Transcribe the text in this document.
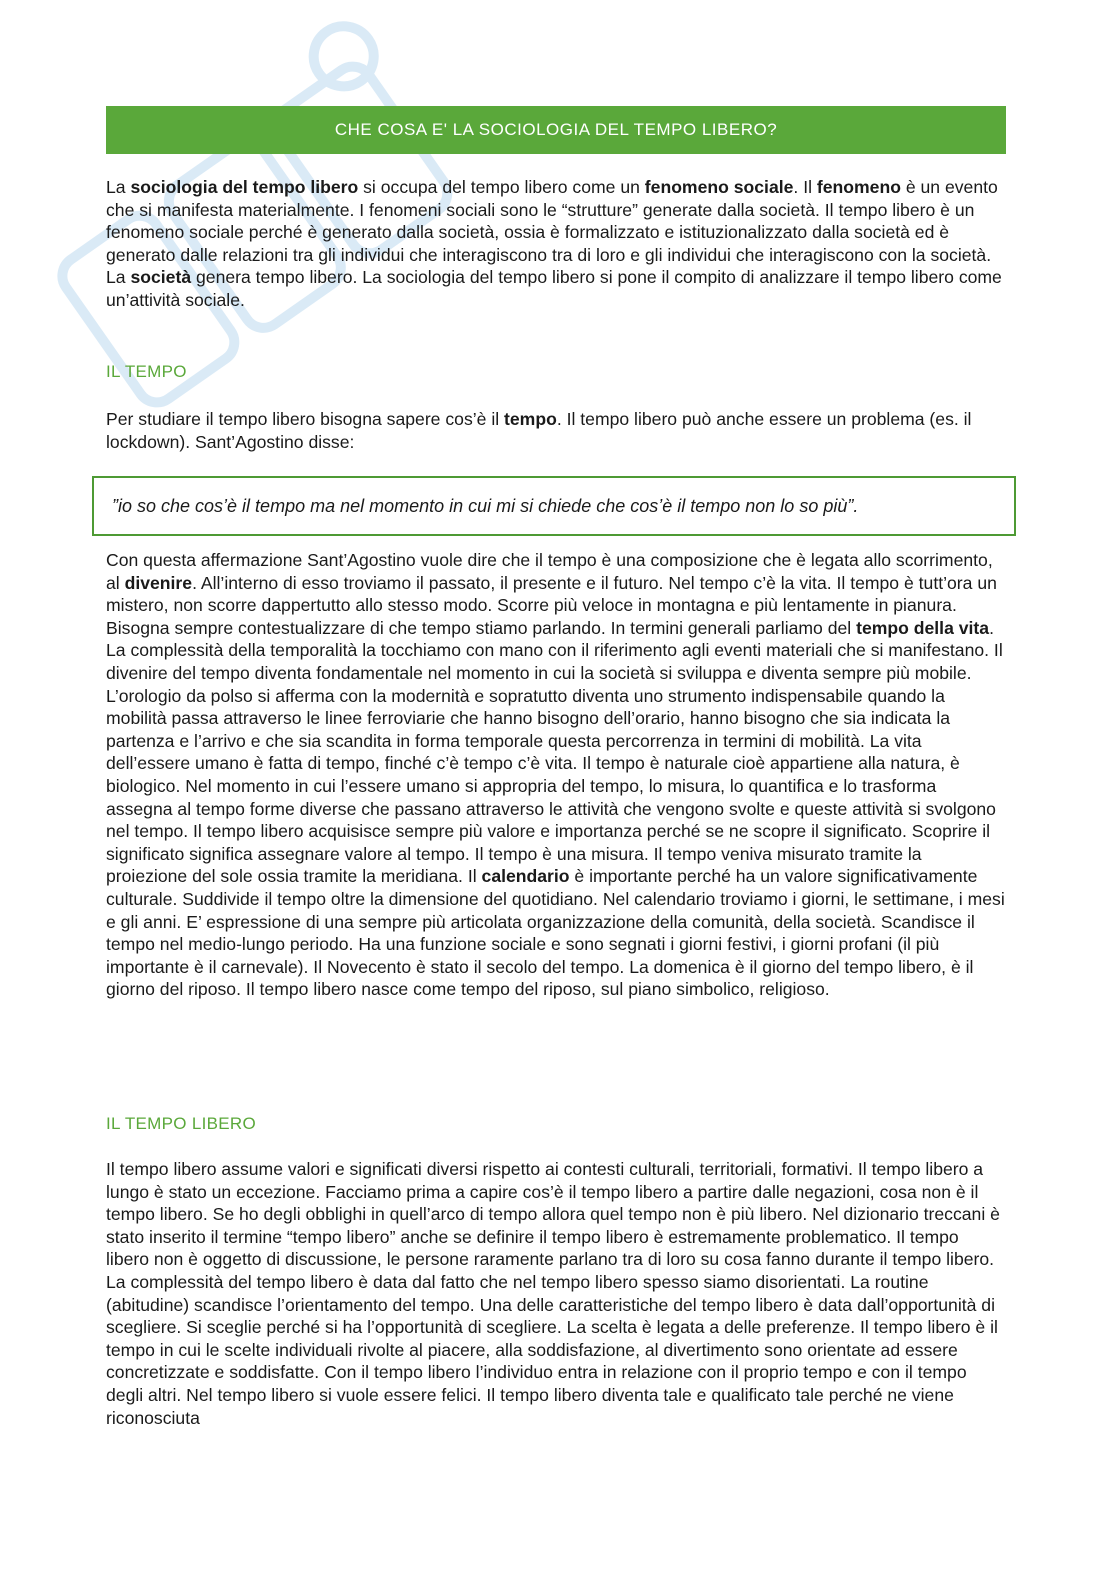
CHE COSA E' LA SOCIOLOGIA DEL TEMPO LIBERO?
La sociologia del tempo libero si occupa del tempo libero come un fenomeno sociale. Il fenomeno è un evento che si manifesta materialmente. I fenomeni sociali sono le “strutture” generate dalla società. Il tempo libero è un fenomeno sociale perché è generato dalla società, ossia è formalizzato e istituzionalizzato dalla società ed è generato dalle relazioni tra gli individui che interagiscono tra di loro e gli individui che interagiscono con la società. La società genera tempo libero. La sociologia del tempo libero si pone il compito di analizzare il tempo libero come un’attività sociale.
IL TEMPO
Per studiare il tempo libero bisogna sapere cos’è il tempo. Il tempo libero può anche essere un problema (es. il lockdown). Sant’Agostino disse:
”io so che cos’è il tempo ma nel momento in cui mi si chiede che cos’è il tempo non lo so più”.
Con questa affermazione Sant’Agostino vuole dire che il tempo è una composizione che è legata allo scorrimento, al divenire. All’interno di esso troviamo il passato, il presente e il futuro. Nel tempo c’è la vita. Il tempo è tutt’ora un mistero, non scorre dappertutto allo stesso modo. Scorre più veloce in montagna e più lentamente in pianura. Bisogna sempre contestualizzare di che tempo stiamo parlando. In termini generali parliamo del tempo della vita. La complessità della temporalità la tocchiamo con mano con il riferimento agli eventi materiali che si manifestano. Il divenire del tempo diventa fondamentale nel momento in cui la società si sviluppa e diventa sempre più mobile. L’orologio da polso si afferma con la modernità e sopratutto diventa uno strumento indispensabile quando la mobilità passa attraverso le linee ferroviarie che hanno bisogno dell’orario, hanno bisogno che sia indicata la partenza e l’arrivo e che sia scandita in forma temporale questa percorrenza in termini di mobilità. La vita dell’essere umano è fatta di tempo, finché c’è tempo c’è vita. Il tempo è naturale cioè appartiene alla natura, è biologico. Nel momento in cui l’essere umano si appropria del tempo, lo misura, lo quantifica e lo trasforma assegna al tempo forme diverse che passano attraverso le attività che vengono svolte e queste attività si svolgono nel tempo. Il tempo libero acquisisce sempre più valore e importanza perché se ne scopre il significato. Scoprire il significato significa assegnare valore al tempo. Il tempo è una misura. Il tempo veniva misurato tramite la proiezione del sole ossia tramite la meridiana. Il calendario è importante perché ha un valore significativamente culturale. Suddivide il tempo oltre la dimensione del quotidiano. Nel calendario troviamo i giorni, le settimane, i mesi e gli anni. E’ espressione di una sempre più articolata organizzazione della comunità, della società. Scandisce il tempo nel medio-lungo periodo. Ha una funzione sociale e sono segnati i giorni festivi, i giorni profani (il più importante è il carnevale). Il Novecento è stato il secolo del tempo. La domenica è il giorno del tempo libero, è il giorno del riposo. Il tempo libero nasce come tempo del riposo, sul piano simbolico, religioso.
IL TEMPO LIBERO
Il tempo libero assume valori e significati diversi rispetto ai contesti culturali, territoriali, formativi. Il tempo libero a lungo è stato un eccezione. Facciamo prima a capire cos’è il tempo libero a partire dalle negazioni, cosa non è il tempo libero. Se ho degli obblighi in quell’arco di tempo allora quel tempo non è più libero. Nel dizionario treccani è stato inserito il termine “tempo libero” anche se definire il tempo libero è estremamente problematico. Il tempo libero non è oggetto di discussione, le persone raramente parlano tra di loro su cosa fanno durante il tempo libero. La complessità del tempo libero è data dal fatto che nel tempo libero spesso siamo disorientati. La routine (abitudine) scandisce l’orientamento del tempo. Una delle caratteristiche del tempo libero è data dall’opportunità di scegliere. Si sceglie perché si ha l’opportunità di scegliere. La scelta è legata a delle preferenze. Il tempo libero è il tempo in cui le scelte individuali rivolte al piacere, alla soddisfazione, al divertimento sono orientate ad essere concretizzate e soddisfatte. Con il tempo libero l’individuo entra in relazione con il proprio tempo e con il tempo degli altri. Nel tempo libero si vuole essere felici. Il tempo libero diventa tale e qualificato tale perché ne viene riconosciuta
